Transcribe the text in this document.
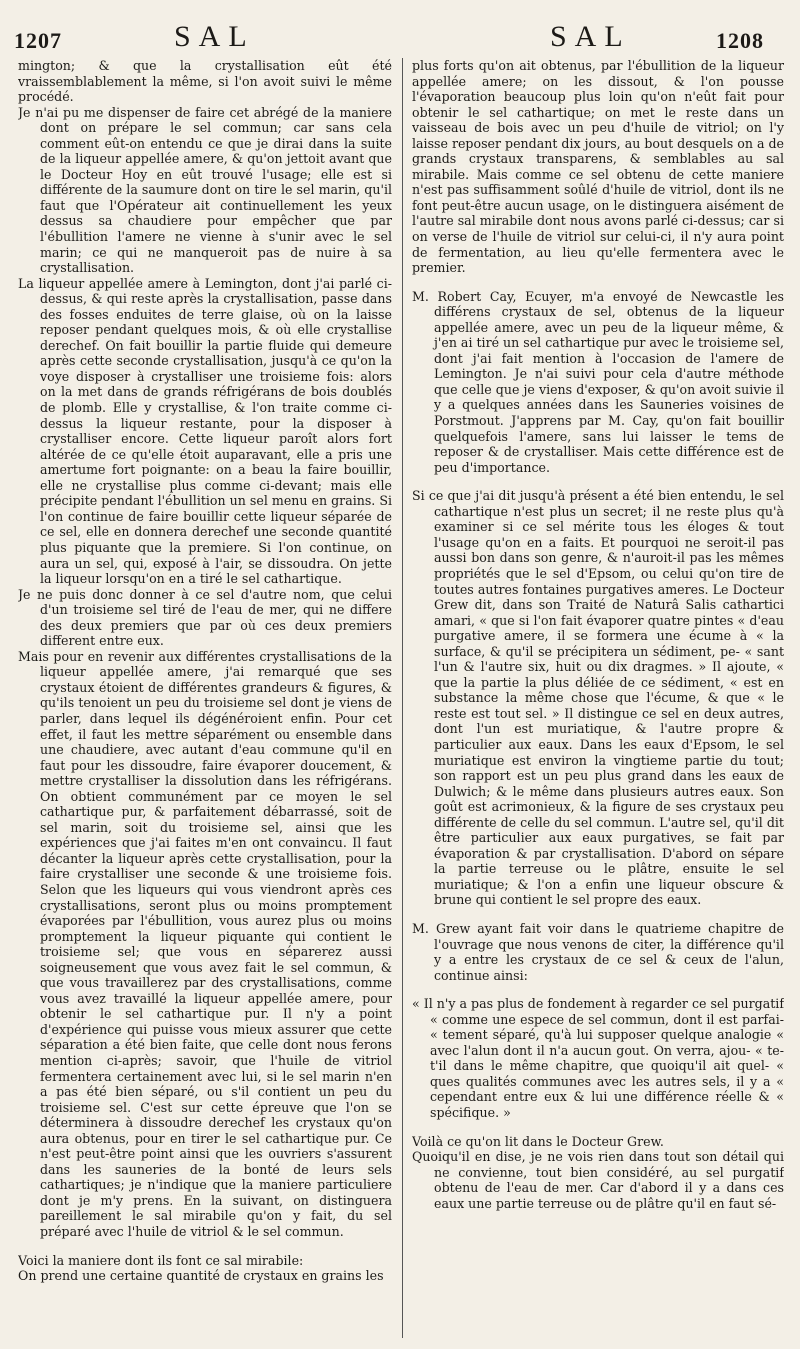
1207	SAL	SAL	1208

mington; & que la crystallisation eût été vraissemblablement la même, si l'on avoit suivi le même procédé.

Je n'ai pu me dispenser de faire cet abrégé de la maniere dont on prépare le sel commun; car sans cela comment eût-on entendu ce que je dirai dans la suite de la liqueur appellée amere, & qu'on jettoit avant que le Docteur Hoy en eût trouvé l'usage; elle est si différente de la saumure dont on tire le sel marin, qu'il faut que l'Opérateur ait continuellement les yeux dessus sa chaudiere pour empêcher que par l'ébullition l'amere ne vienne à s'unir avec le sel marin; ce qui ne manqueroit pas de nuire à sa crystallisation.

La liqueur appellée amere à Lemington, dont j'ai parlé ci-dessus, & qui reste après la crystallisation, passe dans des fosses enduites de terre glaise, où on la laisse reposer pendant quelques mois, & où elle crystallise derechef. On fait bouillir la partie fluide qui demeure après cette seconde crystallisation, jusqu'à ce qu'on la voye disposer à crystalliser une troisieme fois: alors on la met dans de grands réfrigérans de bois doublés de plomb. Elle y crystallise, & l'on traite comme ci-dessus la liqueur restante, pour la disposer à crystalliser encore. Cette liqueur paroît alors fort altérée de ce qu'elle étoit auparavant, elle a pris une amertume fort poignante: on a beau la faire bouillir, elle ne crystallise plus comme ci-devant; mais elle précipite pendant l'ébullition un sel menu en grains. Si l'on continue de faire bouillir cette liqueur séparée de ce sel, elle en donnera derechef une seconde quantité plus piquante que la premiere. Si l'on continue, on aura un sel, qui, exposé à l'air, se dissoudra. On jette la liqueur lorsqu'on en a tiré le sel cathartique.

Je ne puis donc donner à ce sel d'autre nom, que celui d'un troisieme sel tiré de l'eau de mer, qui ne differe des deux premiers que par où ces deux premiers different entre eux.

Mais pour en revenir aux différentes crystallisations de la liqueur appellée amere, j'ai remarqué que ses crystaux étoient de différentes grandeurs & figures, & qu'ils tenoient un peu du troisieme sel dont je viens de parler, dans lequel ils dégénéroient enfin. Pour cet effet, il faut les mettre séparément ou ensemble dans une chaudiere, avec autant d'eau commune qu'il en faut pour les dissoudre, faire évaporer doucement, & mettre crystalliser la dissolution dans les réfrigérans. On obtient communément par ce moyen le sel cathartique pur, & parfaitement débarrassé, soit de sel marin, soit du troisieme sel, ainsi que les expériences que j'ai faites m'en ont convaincu. Il faut décanter la liqueur après cette crystallisation, pour la faire crystalliser une seconde & une troisieme fois. Selon que les liqueurs qui vous viendront après ces crystallisations, seront plus ou moins promptement évaporées par l'ébullition, vous aurez plus ou moins promptement la liqueur piquante qui contient le troisieme sel; que vous en séparerez aussi soigneusement que vous avez fait le sel commun, & que vous travaillerez par des crystallisations, comme vous avez travaillé la liqueur appellée amere, pour obtenir le sel cathartique pur. Il n'y a point d'expérience qui puisse vous mieux assurer que cette séparation a été bien faite, que celle dont nous ferons mention ci-après; savoir, que l'huile de vitriol fermentera certainement avec lui, si le sel marin n'en a pas été bien séparé, ou s'il contient un peu du troisieme sel. C'est sur cette épreuve que l'on se déterminera à dissoudre derechef les crystaux qu'on aura obtenus, pour en tirer le sel cathartique pur. Ce n'est peut-être point ainsi que les ouvriers s'assurent dans les sauneries de la bonté de leurs sels cathartiques; je n'indique que la maniere particuliere dont je m'y prens. En la suivant, on distinguera pareillement le sal mirabile qu'on y fait, du sel préparé avec l'huile de vitriol & le sel commun.

Voici la maniere dont ils font ce sal mirabile:

On prend une certaine quantité de crystaux en grains les

plus forts qu'on ait obtenus, par l'ébullition de la liqueur appellée amere; on les dissout, & l'on pousse l'évaporation beaucoup plus loin qu'on n'eût fait pour obtenir le sel cathartique; on met le reste dans un vaisseau de bois avec un peu d'huile de vitriol; on l'y laisse reposer pendant dix jours, au bout desquels on a de grands crystaux transparens, & semblables au sal mirabile. Mais comme ce sel obtenu de cette maniere n'est pas suffisamment soûlé d'huile de vitriol, dont ils ne font peut-être aucun usage, on le distinguera aisément de l'autre sal mirabile dont nous avons parlé ci-dessus; car si on verse de l'huile de vitriol sur celui-ci, il n'y aura point de fermentation, au lieu qu'elle fermentera avec le premier.

M. Robert Cay, Ecuyer, m'a envoyé de Newcastle les différens crystaux de sel, obtenus de la liqueur appellée amere, avec un peu de la liqueur même, & j'en ai tiré un sel cathartique pur avec le troisieme sel, dont j'ai fait mention à l'occasion de l'amere de Lemington. Je n'ai suivi pour cela d'autre méthode que celle que je viens d'exposer, & qu'on avoit suivie il y a quelques années dans les Sauneries voisines de Porstmout. J'apprens par M. Cay, qu'on fait bouillir quelquefois l'amere, sans lui laisser le tems de reposer & de crystalliser. Mais cette différence est de peu d'importance.

Si ce que j'ai dit jusqu'à présent a été bien entendu, le sel cathartique n'est plus un secret; il ne reste plus qu'à examiner si ce sel mérite tous les éloges & tout l'usage qu'on en a faits. Et pourquoi ne seroit-il pas aussi bon dans son genre, & n'auroit-il pas les mêmes propriétés que le sel d'Epsom, ou celui qu'on tire de toutes autres fontaines purgatives ameres. Le Docteur Grew dit, dans son Traité de Naturâ Salis cathartici amari, « que si l'on fait évaporer quatre pintes « d'eau purgative amere, il se formera une écume à « la surface, & qu'il se précipitera un sédiment, pe- « sant l'un & l'autre six, huit ou dix dragmes. » Il ajoute, « que la partie la plus déliée de ce sédiment, « est en substance la même chose que l'écume, & que « le reste est tout sel. » Il distingue ce sel en deux autres, dont l'un est muriatique, & l'autre propre & particulier aux eaux. Dans les eaux d'Epsom, le sel muriatique est environ la vingtieme partie du tout; son rapport est un peu plus grand dans les eaux de Dulwich; & le même dans plusieurs autres eaux. Son goût est acrimonieux, & la figure de ses crystaux peu différente de celle du sel commun. L'autre sel, qu'il dit être particulier aux eaux purgatives, se fait par évaporation & par crystallisation. D'abord on sépare la partie terreuse ou le plâtre, ensuite le sel muriatique; & l'on a enfin une liqueur obscure & brune qui contient le sel propre des eaux.

M. Grew ayant fait voir dans le quatrieme chapitre de l'ouvrage que nous venons de citer, la différence qu'il y a entre les crystaux de ce sel & ceux de l'alun, continue ainsi:

« Il n'y a pas plus de fondement à regarder ce sel purgatif « comme une espece de sel commun, dont il est parfai- « tement séparé, qu'à lui supposer quelque analogie « avec l'alun dont il n'a aucun gout. On verra, ajou- « te-t'il dans le même chapitre, que quoiqu'il ait quel- « ques qualités communes avec les autres sels, il y a « cependant entre eux & lui une différence réelle & « spécifique. »

Voilà ce qu'on lit dans le Docteur Grew.

Quoiqu'il en dise, je ne vois rien dans tout son détail qui ne convienne, tout bien considéré, au sel purgatif obtenu de l'eau de mer. Car d'abord il y a dans ces eaux une partie terreuse ou de plâtre qu'il en faut sé-
